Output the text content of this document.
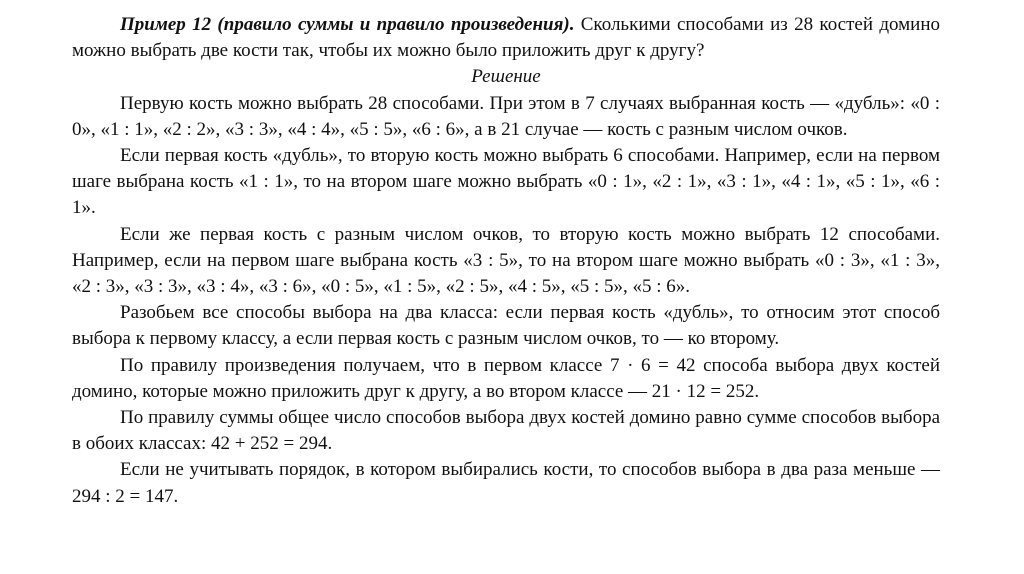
Пример 12 (правило суммы и правило произведения). Сколькими способами из 28 костей домино можно выбрать две кости так, чтобы их можно было приложить друг к другу?

Решение

Первую кость можно выбрать 28 способами. При этом в 7 случаях выбранная кость — «дубль»: «0 : 0», «1 : 1», «2 : 2», «3 : 3», «4 : 4», «5 : 5», «6 : 6», а в 21 случае — кость с разным числом очков.

Если первая кость «дубль», то вторую кость можно выбрать 6 способами. Например, если на первом шаге выбрана кость «1 : 1», то на втором шаге можно выбрать «0 : 1», «2 : 1», «3 : 1», «4 : 1», «5 : 1», «6 : 1».

Если же первая кость с разным числом очков, то вторую кость можно выбрать 12 способами. Например, если на первом шаге выбрана кость «3 : 5», то на втором шаге можно выбрать «0 : 3», «1 : 3», «2 : 3», «3 : 3», «3 : 4», «3 : 6», «0 : 5», «1 : 5», «2 : 5», «4 : 5», «5 : 5», «5 : 6».

Разобьем все способы выбора на два класса: если первая кость «дубль», то относим этот способ выбора к первому классу, а если первая кость с разным числом очков, то — ко второму.

По правилу произведения получаем, что в первом классе 7 · 6 = 42 способа выбора двух костей домино, которые можно приложить друг к другу, а во втором классе — 21 · 12 = 252.

По правилу суммы общее число способов выбора двух костей домино равно сумме способов выбора в обоих классах: 42 + 252 = 294.

Если не учитывать порядок, в котором выбирались кости, то способов выбора в два раза меньше — 294 : 2 = 147.
